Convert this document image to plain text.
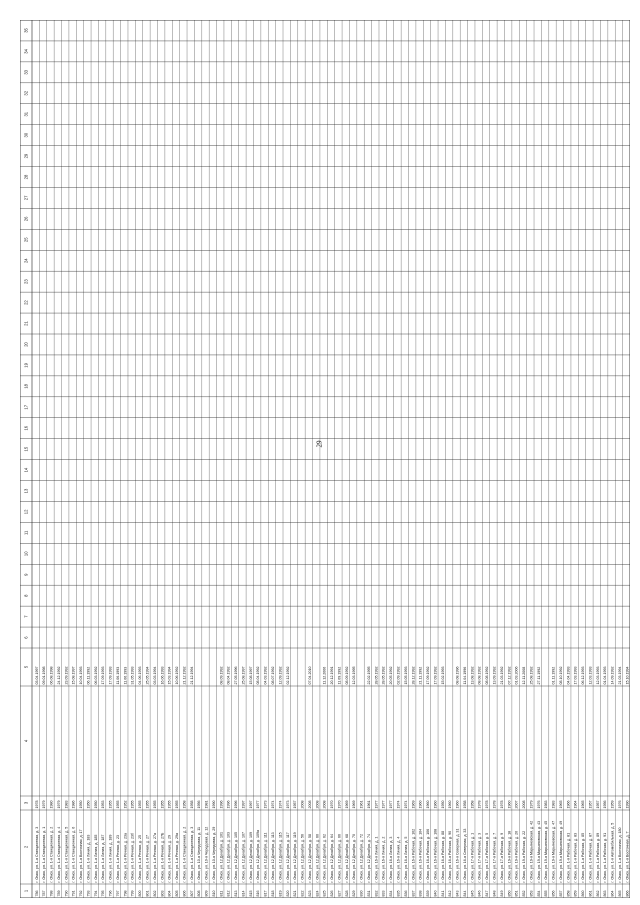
29
1
2
3
4
5
6
7
8
9
10
11
12
13
14
15
16
17
18
19
20
21
22
23
24
25
26
27
28
29
30
31
32
33
34
35
786
г. Омск, ул. 1-я Станционная, д. 3
1978
03.04.1997
787
г. Омск, ул. 1-я Станционная, д. 1
1979
09.01.1998
788
г. Омск, ул. 1-я Станционная, д. 2
1980
06.08.1998
789
г. Омск, ул. 1-я Станционная, д. 4
1979
24.12.1992
790
г. Омск, ул. 1-я Станционная, д. 5
1983
23.09.1992
791
г. Омск, ул. 1-я Станционная, д. 6
1986
15.08.1997
792
г. Омск, ул. 1-я Восточная, д. 17
1950
10.04.1993
793
г. Омск, ул. 1-я Линия, д. 183
1950
06.11.1992
794
г. Омск, ул. 1-я Линия, д. 185
1950
06.03.1992
795
г. Омск, ул. 1-я Линия, д. 187
1953
17.09.1993
796
г. Омск, ул. 1-я Линия, д. 189
1955
17.09.1993
797
г. Омск, ул. 1-я Речная, д. 23
1955
11.06.1993
798
г. Омск, ул. 1-я Речная, д. 23а
1952
11.06.1993
799
г. Омск, ул. 1-я Речная, д. 23б
1955
31.05.1993
800
г. Омск, ул. 1-я Речная, д. 25
1955
04.06.1993
801
г. Омск, ул. 1-я Речная, д. 27
1955
25.05.1994
802
г. Омск, ул. 1-я Речная, д. 27а
1955
03.03.1994
803
г. Омск, ул. 1-я Речная, д. 27Б
1955
16.06.1993
804
г. Омск, ул. 1-я Речная, д. 29
1955
15.03.1994
805
г. Омск, ул. 1-я Речная, д. 29а
1955
10.06.1992
806
г. Омск, ул. 1-я Станционная, д. 2
1958
21.12.1992
807
г. Омск, ул. 1-я Станционная, д. 3
1958
21.12.1994
808
г. Омск, ул. 10-я Чередовая, д. 11
1956
809
г. Омск, ул. 10-я Чередовая, д. 12
1981
810
г. Омск, ул. 10-я Чередовая, д. 29
1990
811
г. Омск, ул. 12 Декабря, д. 101
1996
08.09.1992
812
г. Омск, ул. 12 Декабря, д. 103
1996
08.04.1992
813
г. Омск, ул. 12 Декабря, д. 105
1996
27.05.1996
814
г. Омск, ул. 12 Декабря, д. 107
1997
25.08.1997
815
г. Омск, ул. 12 Декабря, д. 109
1997
15.08.1997
816
г. Омск, ул. 12 Декабря, д. 109а
1977
08.04.1992
817
г. Омск, ул. 12 Декабря, д. 111
1973
04.03.1992
818
г. Омск, ул. 12 Декабря, д. 113
1974
08.07.1992
819
г. Омск, ул. 12 Декабря, д. 115
1974
12.09.1992
820
г. Омск, ул. 12 Декабря, д. 117
1973
02.12.1992
821
г. Омск, ул. 12 Декабря, д. 119
1957
822
г. Омск, ул. 12 Декабря, д. 56
2008
823
г. Омск, ул. 12 Декабря, д. 58
2008
07.04.2010
824
г. Омск, ул. 12 Декабря, д. 60
2008
825
г. Омск, ул. 12 Декабря, д. 62
2008
11.12.2006
826
г. Омск, ул. 12 Декабря, д. 64
1970
20.12.1991
827
г. Омск, ул. 12 Декабря, д. 66
1970
11.09.1992
828
г. Омск, ул. 12 Декабря, д. 68
1969
08.09.1992
829
г. Омск, ул. 12 Декабря, д. 70
1969
12.03.1995
830
г. Омск, ул. 12 Декабря, д. 72
1961
831
г. Омск, ул. 12 Декабря, д. 74
1961
22.02.1995
832
г. Омск, ул. 16-я Линия, д. 1
1977
28.05.1992
833
г. Омск, ул. 16-я Линия, д. 2
1977
28.05.1992
834
г. Омск, ул. 16-я Линия, д. 3
1977
20.05.1992
835
г. Омск, ул. 16-я Линия, д. 4
1974
02.09.1992
836
г. Омск, ул. 16-я Линия, д. 5
1974
15.05.1993
837
г. Омск, ул. 16-я Рабочая, д. 102
1969
28.12.1992
838
г. Омск, ул. 16-я Рабочая, д. 104
1960
21.11.1992
839
г. Омск, ул. 16-я Рабочая, д. 106
1960
17.09.1992
840
г. Омск, ул. 16-я Рабочая, д. 108
1960
17.09.1992
841
г. Омск, ул. 16-я Рабочая, д. 88
1950
15.02.1993
842
г. Омск, ул. 16-я Рабочая, д. 90
1960
843
г. Омск, ул. 16-я Северная, д. 31
1960
08.08.1996
844
г. Омск, ул. 16-я Северная, д. 33
1958
11.04.1996
845
г. Омск, ул. 17-я Рабочая, д. 1
1958
13.08.1992
846
г. Омск, ул. 17-я Рабочая, д. 3
1978
08.08.1992
847
г. Омск, ул. 17-я Рабочая, д. 5
1978
08.08.1992
848
г. Омск, ул. 17-я Рабочая, д. 7
1978
13.09.1992
849
г. Омск, ул. 17-я Рабочая, д. 9
1978
21.03.1992
850
г. Омск, ул. 19-я Рабочая, д. 18
1960
07.12.1992
851
г. Омск, ул. 19-я Рабочая, д. 20
2007
01.03.2006
852
г. Омск, ул. 19-я Рабочая, д. 22
2008
12.11.2008
853
г. Омск, ул. 19-я Марьяновская, д. 42
1979
25.08.1992
854
г. Омск, ул. 19-я Марьяновская, д. 43
1976
27.11.1992
855
г. Омск, ул. 19-я Марьяновская, д. 45
1983
856
г. Омск, ул. 19-я Марьяновская, д. 47
1983
01.11.1992
857
г. Омск, ул. 19-я Марьяновская, д. 49
1965
08.10.1992
858
г. Омск, ул. 1-я Рабочая, д. 81
1966
04.04.1993
859
г. Омск, ул. 1-я Рабочая, д. 83
1964
17.03.1993
860
г. Омск, ул. 1-я Рабочая, д. 85
1965
06.12.1993
861
г. Омск, ул. 1-я Рабочая, д. 87
1957
12.03.1993
862
г. Омск, ул. 1-я Рабочая, д. 89
1957
12.03.1993
863
г. Омск, ул. 1-я Рабочая, д. 91
1956
01.04.1993
864
г. Омск, ул. 1-я Автомобильная, д. 5
1959
14.09.1992
865
г. Омск, ул. 1-я Восточная, д. 180
1976
21.03.1994
866
г. Омск, ул. 1-я Восточная, д. 7
1990
15.10.1994
